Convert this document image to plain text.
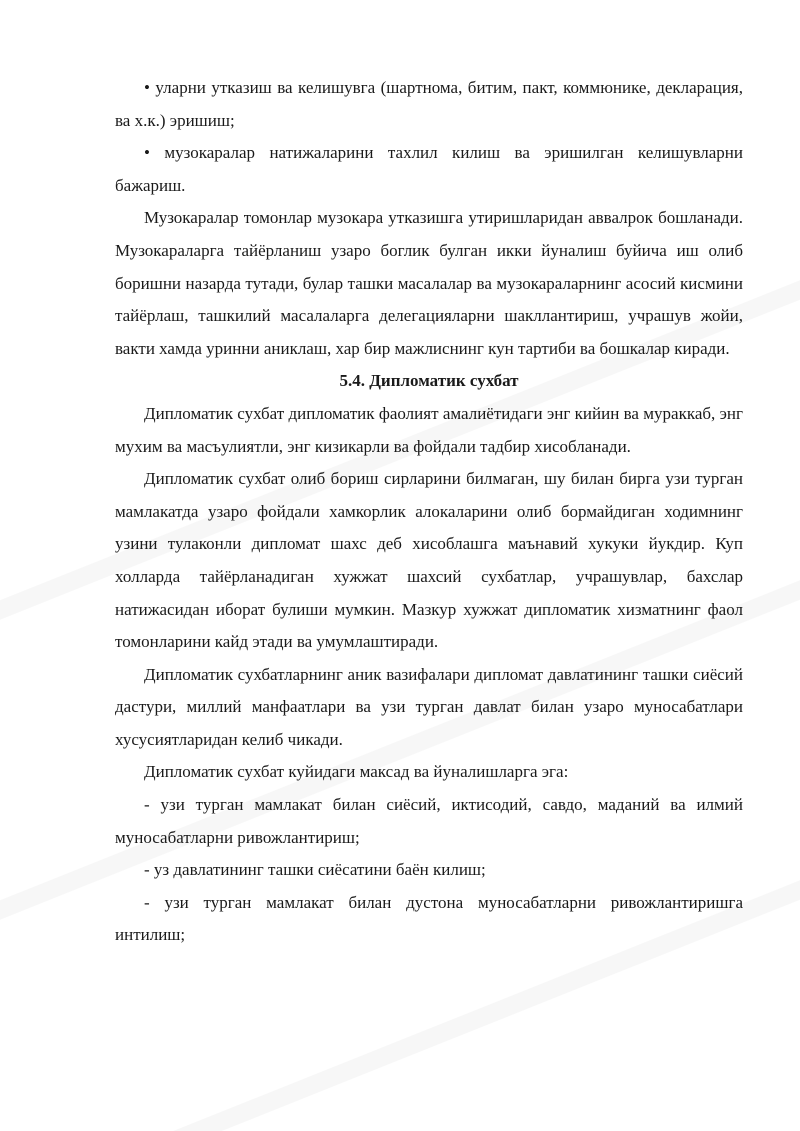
• уларни утказиш ва келишувга (шартнома, битим, пакт, коммюнике, декларация, ва х.к.) эришиш;

• музокаралар натижаларини тахлил килиш ва эришилган келишувларни бажариш.

Музокаралар томонлар музокара утказишга утиришларидан аввалрок бошланади. Музокараларга тайёрланиш узаро боглик булган икки йуналиш буйича иш олиб боришни назарда тутади, булар ташки масалалар ва музокараларнинг асосий кисмини тайёрлаш, ташкилий масалаларга делегацияларни шакллантириш, учрашув жойи, вакти хамда уринни аниклаш, хар бир мажлиснинг кун тартиби ва бошкалар киради.

5.4. Дипломатик сухбат

Дипломатик сухбат дипломатик фаолият амалиётидаги энг кийин ва мураккаб, энг мухим ва масъулиятли, энг кизикарли ва фойдали тадбир хисобланади.

Дипломатик сухбат олиб бориш сирларини билмаган, шу билан бирга узи турган мамлакатда узаро фойдали хамкорлик алокаларини олиб бормайдиган ходимнинг узини тулаконли дипломат шахс деб хисоблашга маънавий хукуки йукдир. Куп холларда тайёрланадиган хужжат шахсий сухбатлар, учрашувлар, бахслар натижасидан иборат булиши мумкин. Мазкур хужжат дипломатик хизматнинг фаол томонларини кайд этади ва умумлаштиради.

Дипломатик сухбатларнинг аник вазифалари дипломат давлатининг ташки сиёсий дастури, миллий манфаатлари ва узи турган давлат билан узаро муносабатлари хусусиятларидан келиб чикади.

Дипломатик сухбат куйидаги максад ва йуналишларга эга:

- узи турган мамлакат билан сиёсий, иктисодий, савдо, маданий ва илмий муносабатларни ривожлантириш;

- уз давлатининг ташки сиёсатини баён килиш;

- узи турган мамлакат билан дустона муносабатларни ривожлантиришга интилиш;
